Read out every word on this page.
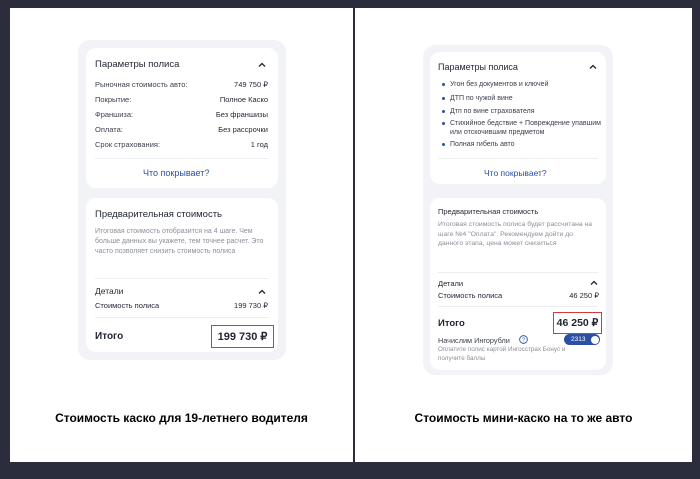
Параметры полиса
Рыночная стоимость авто:	749 750 ₽
Покрытие:	Полное Каско
Франшиза:	Без франшизы
Оплата:	Без рассрочки
Срок страхования:	1 год
Что покрывает?
Предварительная стоимость
Итоговая стоимость отобразится на 4 шаге. Чем больше данных вы укажете, тем точнее расчет. Это часто позволяет снизить стоимость полиса
Детали
Стоимость полиса	199 730 ₽
Итого	199 730 ₽
Стоимость каско для 19-летнего водителя
Параметры полиса
Угон без документов и ключей
ДТП по чужой вине
Дтп по вине страхователя
Стихийное бедствие + Повреждение упавшим или отскочившим предметом
Полная гибель авто
Что покрывает?
Предварительная стоимость
Итоговая стоимость полиса будет рассчитана на шаге №4 "Оплата". Рекомендуем дойти до данного этапа, цена может снизиться
Детали
Стоимость полиса	46 250 ₽
Итого	46 250 ₽
Начислим Ингорубли ?	2313
Оплатите полис картой Ингосстрах Бонус и получите баллы
Стоимость мини-каско на то же авто
